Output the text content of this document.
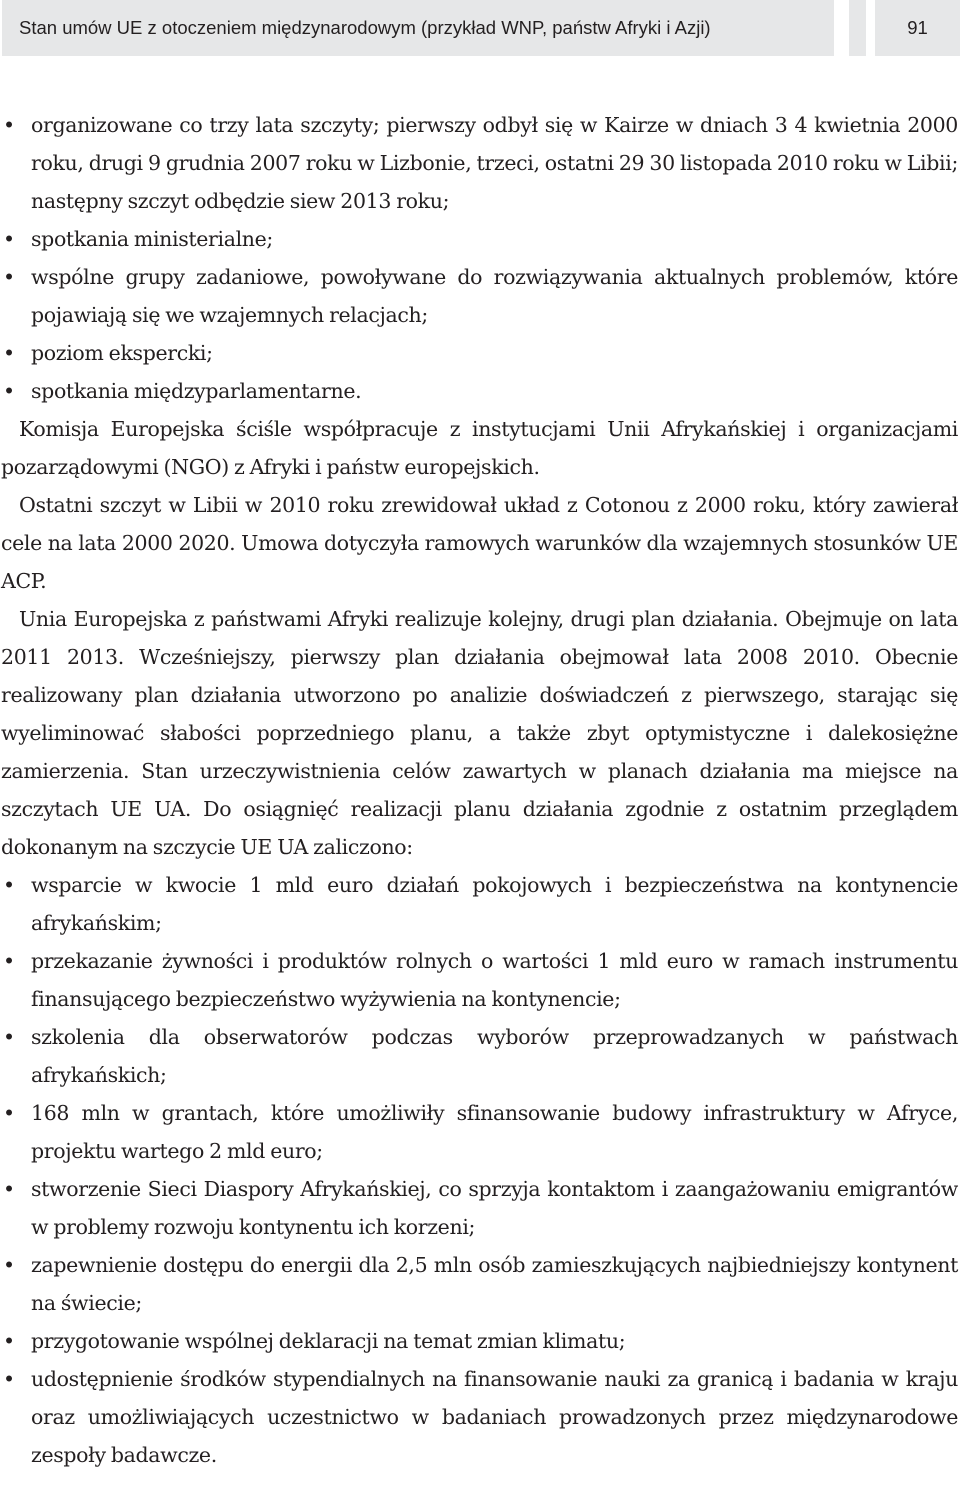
Stan umów UE z otoczeniem międzynarodowym (przykład WNP, państw Afryki i Azji)	91
• organizowane co trzy lata szczyty; pierwszy odbył się w Kairze w dniach 3 4 kwietnia 2000 roku, drugi 9 grudnia 2007 roku w Lizbonie, trzeci, ostatni 29 30 listopada 2010 roku w Libii; następny szczyt odbędzie siew 2013 roku;
• spotkania ministerialne;
• wspólne grupy zadaniowe, powoływane do rozwiązywania aktualnych problemów, które pojawiają się we wzajemnych relacjach;
• poziom ekspercki;
• spotkania międzyparlamentarne.

Komisja Europejska ściśle współpracuje z instytucjami Unii Afrykańskiej i organizacjami pozarządowymi (NGO) z Afryki i państw europejskich.

Ostatni szczyt w Libii w 2010 roku zrewidował układ z Cotonou z 2000 roku, który zawierał cele na lata 2000 2020. Umowa dotyczyła ramowych warunków dla wzajemnych stosunków UE ACP.

Unia Europejska z państwami Afryki realizuje kolejny, drugi plan działania. Obejmuje on lata 2011 2013. Wcześniejszy, pierwszy plan działania obejmował lata 2008 2010. Obecnie realizowany plan działania utworzono po analizie doświadczeń z pierwszego, starając się wyeliminować słabości poprzedniego planu, a także zbyt optymistyczne i dalekosiężne zamierzenia. Stan urzeczywistnienia celów zawartych w planach działania ma miejsce na szczytach UE UA. Do osiągnięć realizacji planu działania zgodnie z ostatnim przeglądem dokonanym na szczycie UE UA zaliczono:

• wsparcie w kwocie 1 mld euro działań pokojowych i bezpieczeństwa na kontynencie afrykańskim;
• przekazanie żywności i produktów rolnych o wartości 1 mld euro w ramach instrumentu finansującego bezpieczeństwo wyżywienia na kontynencie;
• szkolenia dla obserwatorów podczas wyborów przeprowadzanych w państwach afrykańskich;
• 168 mln w grantach, które umożliwiły sfinansowanie budowy infrastruktury w Afryce, projektu wartego 2 mld euro;
• stworzenie Sieci Diaspory Afrykańskiej, co sprzyja kontaktom i zaangażowaniu emigrantów w problemy rozwoju kontynentu ich korzeni;
• zapewnienie dostępu do energii dla 2,5 mln osób zamieszkujących najbiedniejszy kontynent na świecie;
• przygotowanie wspólnej deklaracji na temat zmian klimatu;
• udostępnienie środków stypendialnych na finansowanie nauki za granicą i badania w kraju oraz umożliwiających uczestnictwo w badaniach prowadzonych przez międzynarodowe zespoły badawcze.
